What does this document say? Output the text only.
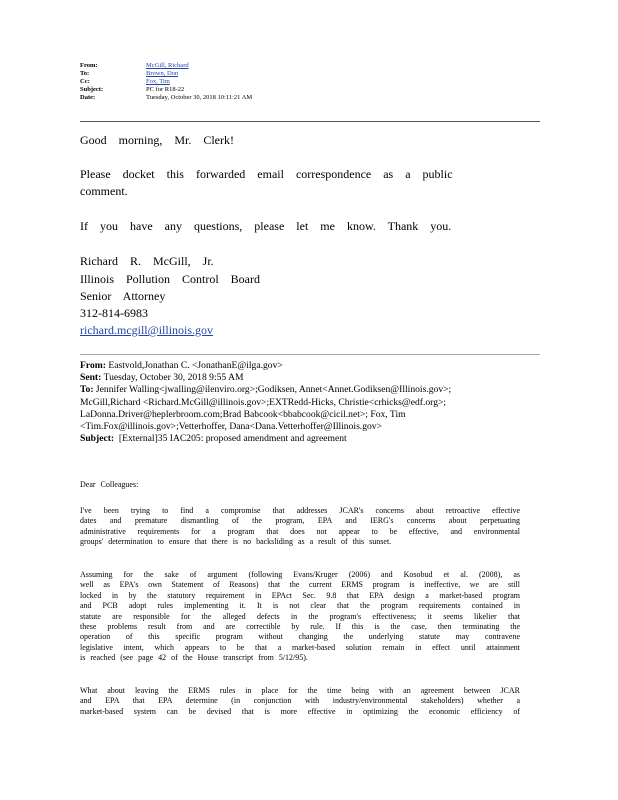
From:	McGill, Richard
To:	Brown, Don
Cc:	Fox, Tim
Subject:	PC for R18-22
Date:	Tuesday, October 30, 2018 10:11:21 AM
Good morning, Mr. Clerk!
Please docket this forwarded email correspondence as a public
comment.
If you have any questions, please let me know. Thank you.
Richard R. McGill, Jr.
Illinois Pollution Control Board
Senior Attorney
312-814-6983
richard.mcgill@illinois.gov
From: Eastvold,Jonathan C. <JonathanE@ilga.gov>
Sent: Tuesday, October 30, 2018 9:55 AM
To: Jennifer Walling<jwalling@ilenviro.org>;Godiksen, Annet<Annet.Godiksen@Illinois.gov>;
McGill,Richard <Richard.McGill@illinois.gov>;EXTRedd-Hicks, Christie<crhicks@edf.org>;
LaDonna.Driver@heplerbroom.com;Brad Babcook<bbabcook@cicil.net>; Fox, Tim
<Tim.Fox@illinois.gov>;Vetterhoffer, Dana<Dana.Vetterhoffer@Illinois.gov>
Subject: [External]35 IAC205: proposed amendment and agreement
Dear Colleagues:
I've been trying to find a compromise that addresses JCAR's concerns about retroactive effective
dates and premature dismantling of the program, EPA and IERG's concerns about perpetuating
administrative requirements for a program that does not appear to be effective, and environmental
groups' determination to ensure that there is no backsliding as a result of this sunset.
Assuming for the sake of argument (following Evans/Kruger (2006) and Kosobud et al. (2008), as
well as EPA's own Statement of Reasons) that the current ERMS program is ineffective, we are still
locked in by the statutory requirement in EPAct Sec. 9.8 that EPA design a market-based program
and PCB adopt rules implementing it. It is not clear that the program requirements contained in
statute are responsible for the alleged defects in the program's effectiveness; it seems likelier that
these problems result from and are correctible by rule. If this is the case, then terminating the
operation of this specific program without changing the underlying statute may contravene
legislative intent, which appears to be that a market-based solution remain in effect until attainment
is reached (see page 42 of the House transcript from 5/12/95).
What about leaving the ERMS rules in place for the time being with an agreement between JCAR
and EPA that EPA determine (in conjunction with industry/environmental stakeholders) whether a
market-based system can be devised that is more effective in optimizing the economic efficiency of
